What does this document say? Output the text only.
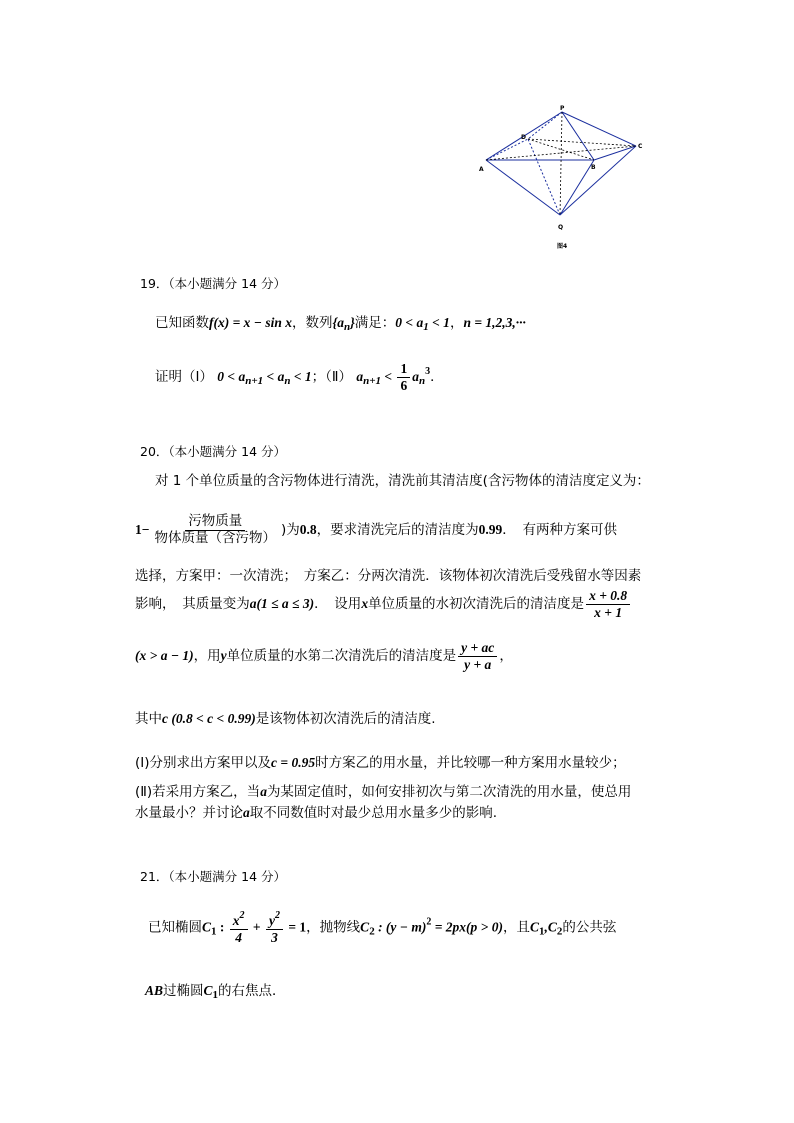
P
D
C
A	B
Q
图4
19．（本小题满分 14 分）
已知函数f(x) = x − sin x，数列$\{a_n\}$满足：$0 < a_1 < 1$，n = 1,2,3,···
证明（Ⅰ） $0 < a_{n+1} < a_n < 1$；（Ⅱ） $a_{n+1} < \frac{1}{6} a_n^3$．
20．（本小题满分 14 分）
对 1 个单位质量的含污物体进行清洗，清洗前其清洁度(含污物体的清洁度定义为：
$1- \frac{\text{污物质量}}{\text{物体质量（含污物）}}$ )为0.8，要求清洗完后的清洁度为0.99．　有两种方案可供
选择，方案甲：一次清洗；　方案乙：分两次清洗．该物体初次清洗后受残留水等因素
影响，　其质量变为a(1 ≤ a ≤ 3)．　设用x单位质量的水初次清洗后的清洁度是 $\frac{x + 0.8}{x + 1}$
(x > a − 1)，用y单位质量的水第二次清洗后的清洁度是 $\frac{y + ac}{y + a}$ ，
其中c (0.8 < c < 0.99)是该物体初次清洗后的清洁度.
(Ⅰ)分别求出方案甲以及c = 0.95时方案乙的用水量，并比较哪一种方案用水量较少；
(Ⅱ)若采用方案乙，当a为某固定值时，如何安排初次与第二次清洗的用水量，使总用
水量最小？并讨论a取不同数值时对最少总用水量多少的影响.
21．（本小题满分 14 分）
已知椭圆$C_1$ : $\frac{x^2}{4} + \frac{y^2}{3} = 1$，抛物线$C_2$ : $(y - m)^2 = 2px(p > 0)$，且$C_1,C_2$的公共弦
AB过椭圆$C_1$的右焦点．
